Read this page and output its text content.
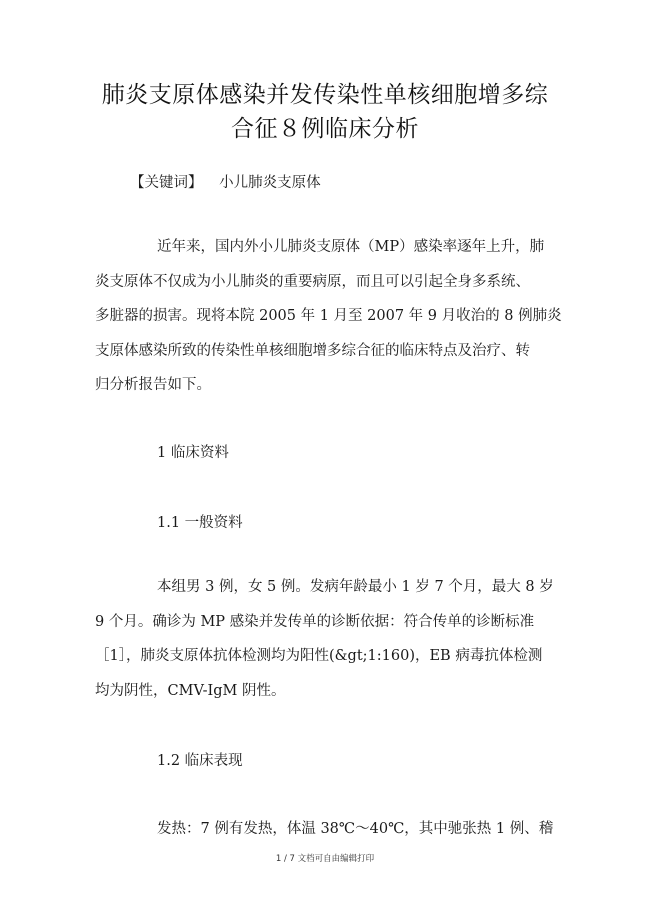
肺炎支原体感染并发传染性单核细胞增多综
合征８例临床分析
【关键词】 小儿肺炎支原体
近年来，国内外小儿肺炎支原体（MP）感染率逐年上升，肺
炎支原体不仅成为小儿肺炎的重要病原，而且可以引起全身多系统、
多脏器的损害。现将本院 2005 年 1 月至 2007 年 9 月收治的 8 例肺炎
支原体感染所致的传染性单核细胞增多综合征的临床特点及治疗、转
归分析报告如下。
1 临床资料
1.1 一般资料
本组男 3 例，女 5 例。发病年龄最小 1 岁 7 个月，最大 8 岁
9 个月。确诊为 MP 感染并发传单的诊断依据：符合传单的诊断标准
［1］，肺炎支原体抗体检测均为阳性(&gt;1:160)，EB 病毒抗体检测
均为阴性，CMV-IgM 阴性。
1.2 临床表现
发热：7 例有发热，体温 38℃～40℃，其中驰张热 1 例、稽
1 / 7 文档可自由编辑打印
